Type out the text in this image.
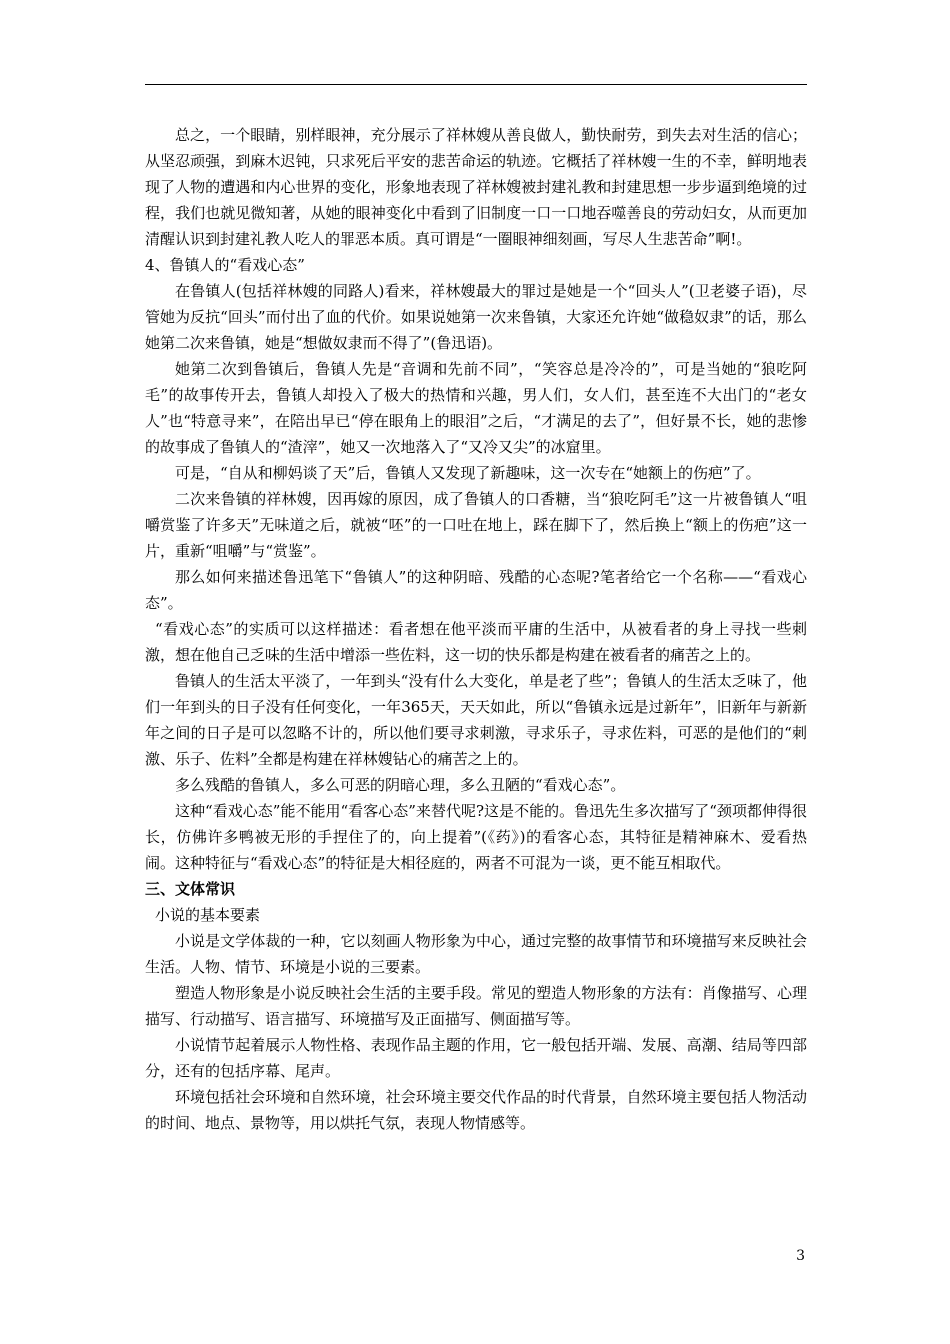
总之，一个眼睛，别样眼神，充分展示了祥林嫂从善良做人，勤快耐劳，到失去对生活的信心；从坚忍顽强，到麻木迟钝，只求死后平安的悲苦命运的轨迹。它概括了祥林嫂一生的不幸，鲜明地表现了人物的遭遇和内心世界的变化，形象地表现了祥林嫂被封建礼教和封建思想一步步逼到绝境的过程，我们也就见微知著，从她的眼神变化中看到了旧制度一口一口地吞噬善良的劳动妇女，从而更加清醒认识到封建礼教人吃人的罪恶本质。真可谓是“一圈眼神细刻画，写尽人生悲苦命”啊!。

4、鲁镇人的“看戏心态”

在鲁镇人(包括祥林嫂的同路人)看来，祥林嫂最大的罪过是她是一个“回头人”(卫老婆子语)，尽管她为反抗“回头”而付出了血的代价。如果说她第一次来鲁镇，大家还允许她“做稳奴隶”的话，那么她第二次来鲁镇，她是“想做奴隶而不得了”(鲁迅语)。

她第二次到鲁镇后，鲁镇人先是“音调和先前不同”，“笑容总是冷冷的”，可是当她的“狼吃阿毛”的故事传开去，鲁镇人却投入了极大的热情和兴趣，男人们，女人们，甚至连不大出门的“老女人”也“特意寻来”，在陪出早已“停在眼角上的眼泪”之后，“才满足的去了”，但好景不长，她的悲惨的故事成了鲁镇人的“渣滓”，她又一次地落入了“又冷又尖”的冰窟里。

可是，“自从和柳妈谈了天”后，鲁镇人又发现了新趣味，这一次专在“她额上的伤疤”了。

二次来鲁镇的祥林嫂，因再嫁的原因，成了鲁镇人的口香糖，当“狼吃阿毛”这一片被鲁镇人“咀嚼赏鉴了许多天”无味道之后，就被“呸”的一口吐在地上，踩在脚下了，然后换上“额上的伤疤”这一片，重新“咀嚼”与“赏鉴”。

那么如何来描述鲁迅笔下“鲁镇人”的这种阴暗、残酷的心态呢?笔者给它一个名称——“看戏心态”。

“看戏心态”的实质可以这样描述：看者想在他平淡而平庸的生活中，从被看者的身上寻找一些刺激，想在他自己乏味的生活中增添一些佐料，这一切的快乐都是构建在被看者的痛苦之上的。

鲁镇人的生活太平淡了，一年到头“没有什么大变化，单是老了些”；鲁镇人的生活太乏味了，他们一年到头的日子没有任何变化，一年365天，天天如此，所以“鲁镇永远是过新年”，旧新年与新新年之间的日子是可以忽略不计的，所以他们要寻求刺激，寻求乐子，寻求佐料，可恶的是他们的“刺激、乐子、佐料”全都是构建在祥林嫂钻心的痛苦之上的。

多么残酷的鲁镇人，多么可恶的阴暗心理，多么丑陋的“看戏心态”。

这种“看戏心态”能不能用“看客心态”来替代呢?这是不能的。鲁迅先生多次描写了“颈项都伸得很长，仿佛许多鸭被无形的手捏住了的，向上提着”(《药》)的看客心态，其特征是精神麻木、爱看热闹。这种特征与“看戏心态”的特征是大相径庭的，两者不可混为一谈，更不能互相取代。

三、文体常识

小说的基本要素

小说是文学体裁的一种，它以刻画人物形象为中心，通过完整的故事情节和环境描写来反映社会生活。人物、情节、环境是小说的三要素。

塑造人物形象是小说反映社会生活的主要手段。常见的塑造人物形象的方法有：肖像描写、心理描写、行动描写、语言描写、环境描写及正面描写、侧面描写等。

小说情节起着展示人物性格、表现作品主题的作用，它一般包括开端、发展、高潮、结局等四部分，还有的包括序幕、尾声。

环境包括社会环境和自然环境，社会环境主要交代作品的时代背景，自然环境主要包括人物活动的时间、地点、景物等，用以烘托气氛，表现人物情感等。

3
